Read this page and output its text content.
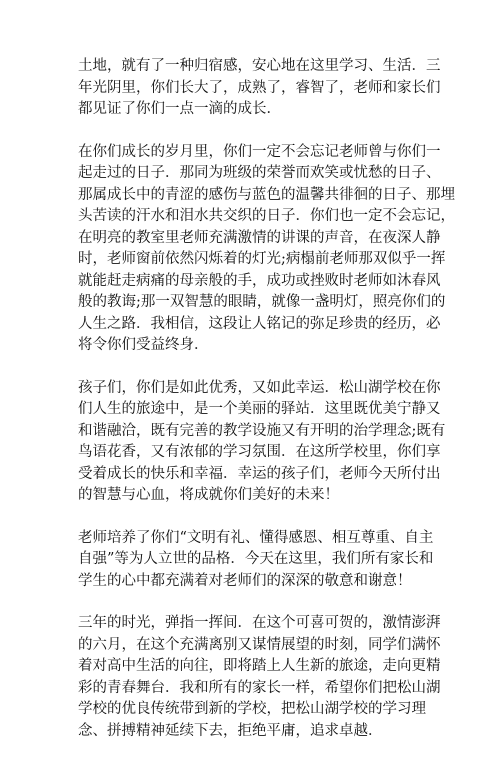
土地，就有了一种归宿感，安心地在这里学习、生活．三
年光阴里，你们长大了，成熟了，睿智了，老师和家长们
都见证了你们一点一滴的成长．
在你们成长的岁月里，你们一定不会忘记老师曾与你们一
起走过的日子．那同为班级的荣誉而欢笑或忧愁的日子、
那属成长中的青涩的感伤与蓝色的温馨共徘徊的日子、那埋
头苦读的汗水和泪水共交织的日子．你们也一定不会忘记，
在明亮的教室里老师充满激情的讲课的声音，在夜深人静
时，老师窗前依然闪烁着的灯光;病榻前老师那双似乎一挥
就能赶走病痛的母亲般的手，成功或挫败时老师如沐春风
般的教诲;那一双智慧的眼睛，就像一盏明灯，照亮你们的
人生之路．我相信，这段让人铭记的弥足珍贵的经历，必
将令你们受益终身．
孩子们，你们是如此优秀，又如此幸运．松山湖学校在你
们人生的旅途中，是一个美丽的驿站．这里既优美宁静又
和谐融洽，既有完善的教学设施又有开明的治学理念;既有
鸟语花香，又有浓郁的学习氛围．在这所学校里，你们享
受着成长的快乐和幸福．幸运的孩子们，老师今天所付出
的智慧与心血，将成就你们美好的未来！
老师培养了你们“文明有礼、懂得感恩、相互尊重、自主
自强”等为人立世的品格．今天在这里，我们所有家长和
学生的心中都充满着对老师们的深深的敬意和谢意！
三年的时光，弹指一挥间．在这个可喜可贺的，激情澎湃
的六月，在这个充满离别又谋情展望的时刻，同学们满怀
着对高中生活的向往，即将踏上人生新的旅途，走向更精
彩的青春舞台．我和所有的家长一样，希望你们把松山湖
学校的优良传统带到新的学校，把松山湖学校的学习理
念、拼搏精神延续下去，拒绝平庸，追求卓越．
